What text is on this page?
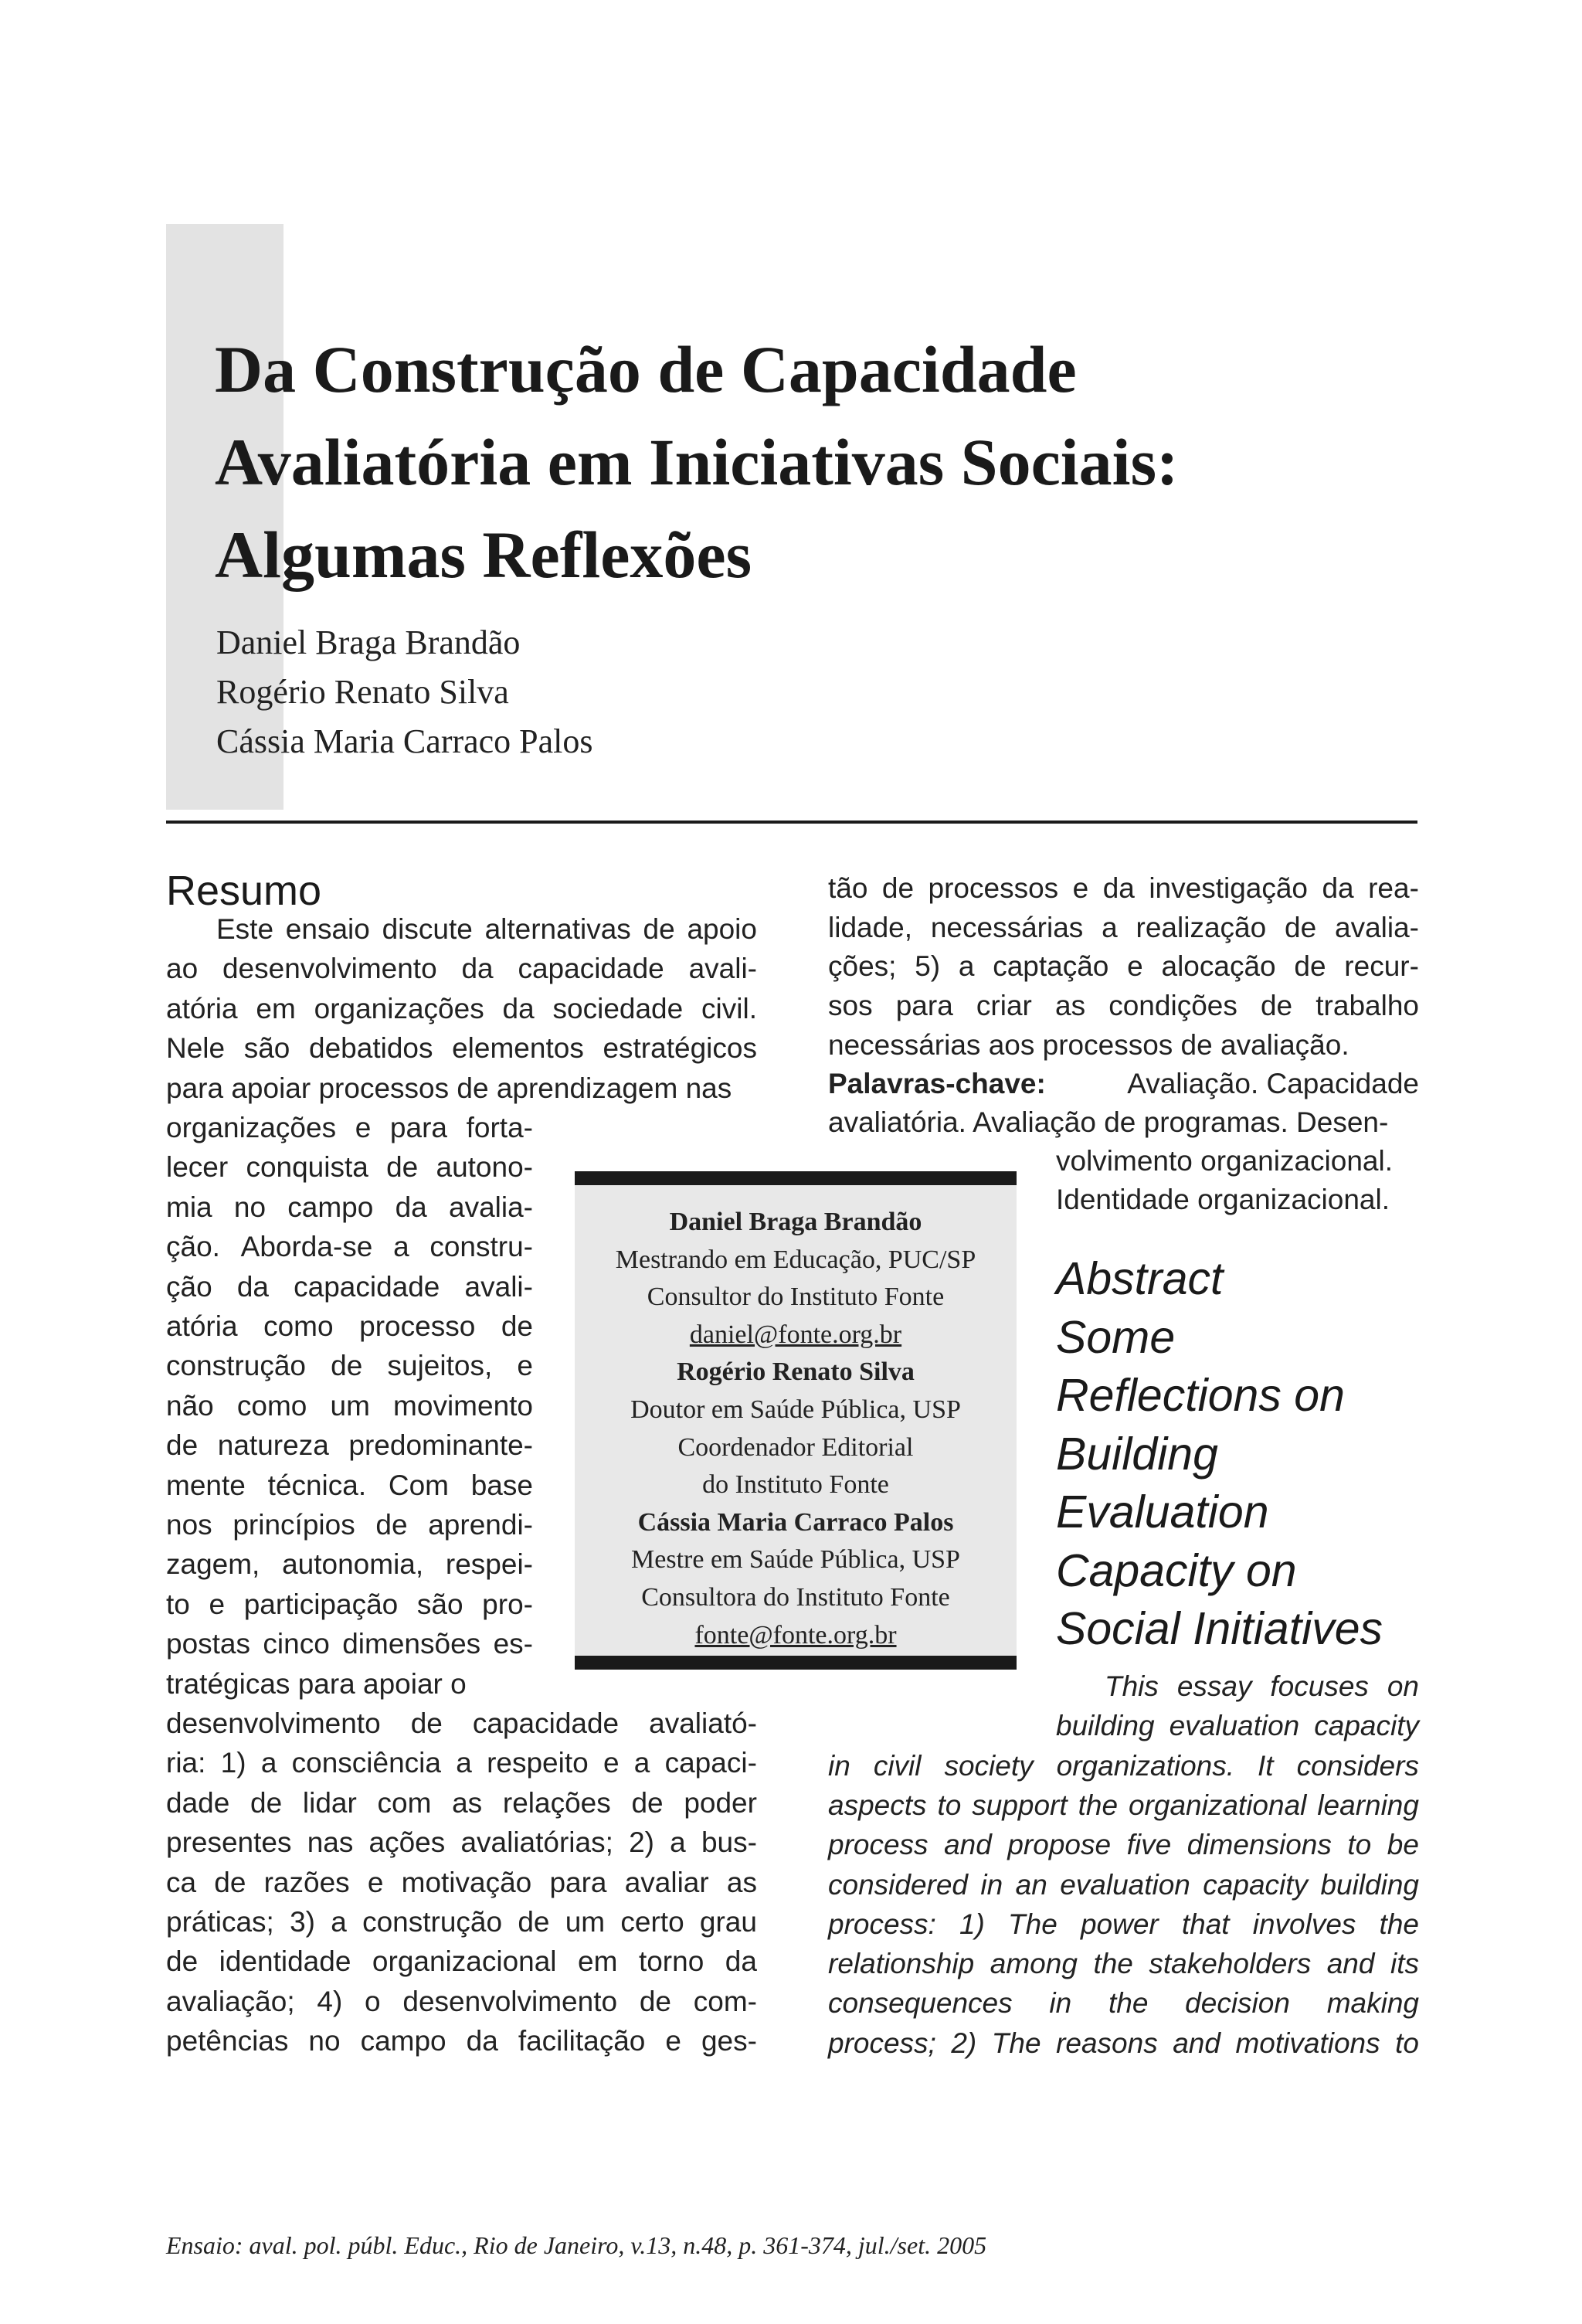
Da Construção de Capacidade
Avaliatória em Iniciativas Sociais:
Algumas Reflexões
Daniel Braga Brandão
Rogério Renato Silva
Cássia Maria Carraco Palos
Resumo
Este ensaio discute alternativas de apoio
ao desenvolvimento da capacidade avali-
atória em organizações da sociedade civil.
Nele são debatidos elementos estratégicos
para apoiar processos de aprendizagem nas
organizações e para forta-
lecer conquista de autono-
mia no campo da avalia-
ção. Aborda-se a constru-
ção da capacidade avali-
atória como processo de
construção de sujeitos, e
não como um movimento
de natureza predominante-
mente técnica. Com base
nos princípios de aprendi-
zagem, autonomia, respei-
to e participação são pro-
postas cinco dimensões es-
tratégicas para apoiar o
desenvolvimento de capacidade avaliató-
ria: 1) a consciência a respeito e a capaci-
dade de lidar com as relações de poder
presentes nas ações avaliatórias; 2) a bus-
ca de razões e motivação para avaliar as
práticas; 3) a construção de um certo grau
de identidade organizacional em torno da
avaliação; 4) o desenvolvimento de com-
petências no campo da facilitação e ges-
tão de processos e da investigação da rea-
lidade, necessárias a realização de avalia-
ções; 5) a captação e alocação de recur-
sos para criar as condições de trabalho
necessárias aos processos de avaliação.
Palavras-chave:	Avaliação. Capacidade
avaliatória. Avaliação de programas. Desen-
volvimento organizacional.
Identidade organizacional.
Daniel Braga Brandão
Mestrando em Educação, PUC/SP
Consultor do Instituto Fonte
daniel@fonte.org.br
Rogério Renato Silva
Doutor em Saúde Pública, USP
Coordenador Editorial
do Instituto Fonte
Cássia Maria Carraco Palos
Mestre em Saúde Pública, USP
Consultora do Instituto Fonte
fonte@fonte.org.br
Abstract
Some
Reflections on
Building
Evaluation
Capacity on
Social Initiatives
This essay focuses on
building evaluation capacity
in civil society organizations. It considers
aspects to support the organizational learning
process and propose five dimensions to be
considered in an evaluation capacity building
process: 1) The power that involves the
relationship among the stakeholders and its
consequences in the decision making
process; 2) The reasons and motivations to

Ensaio: aval. pol. públ. Educ., Rio de Janeiro, v.13, n.48, p. 361-374, jul./set. 2005
